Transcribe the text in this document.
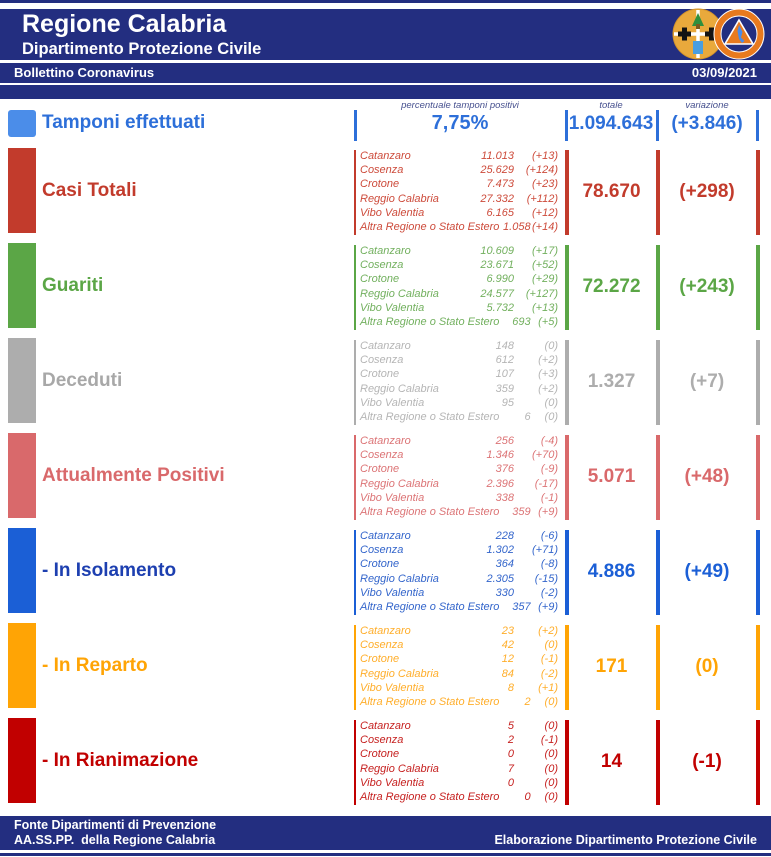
Regione Calabria
Dipartimento Protezione Civile
Bollettino Coronavirus	03/09/2021
percentuale tamponi positivi	totale	variazione
Tamponi effettuati	7,75%	1.094.643 (+3.846)
Casi Totali
Catanzaro	11.013	(+13)
Cosenza	25.629	(+124)
Crotone	7.473	(+23)
Reggio Calabria	27.332	(+112)
Vibo Valentia	6.165	(+12)
Altra Regione o Stato Estero 1.058 (+14)
78.670	(+298)
Guariti
Catanzaro	10.609	(+17)
Cosenza	23.671	(+52)
Crotone	6.990	(+29)
Reggio Calabria	24.577	(+127)
Vibo Valentia	5.732	(+13)
Altra Regione o Stato Estero	693 (+5)
72.272	(+243)
Deceduti
Catanzaro	148	(0)
Cosenza	612	(+2)
Crotone	107	(+3)
Reggio Calabria	359	(+2)
Vibo Valentia	95	(0)
Altra Regione o Stato Estero	6	(0)
1.327	(+7)
Attualmente Positivi
Catanzaro	256	(-4)
Cosenza	1.346	(+70)
Crotone	376	(-9)
Reggio Calabria	2.396	(-17)
Vibo Valentia	338	(-1)
Altra Regione o Stato Estero	359 (+9)
5.071	(+48)
- In Isolamento
Catanzaro	228	(-6)
Cosenza	1.302	(+71)
Crotone	364	(-8)
Reggio Calabria	2.305	(-15)
Vibo Valentia	330	(-2)
Altra Regione o Stato Estero	357 (+9)
4.886	(+49)
- In Reparto
Catanzaro	23	(+2)
Cosenza	42	(0)
Crotone	12	(-1)
Reggio Calabria	84	(-2)
Vibo Valentia	8	(+1)
Altra Regione o Stato Estero	2	(0)
171	(0)
- In Rianimazione
Catanzaro	5	(0)
Cosenza	2	(-1)
Crotone	0	(0)
Reggio Calabria	7	(0)
Vibo Valentia	0	(0)
Altra Regione o Stato Estero	0	(0)
14	(-1)
Fonte Dipartimenti di Prevenzione
AA.SS.PP.  della Regione Calabria	Elaborazione Dipartimento Protezione Civile
